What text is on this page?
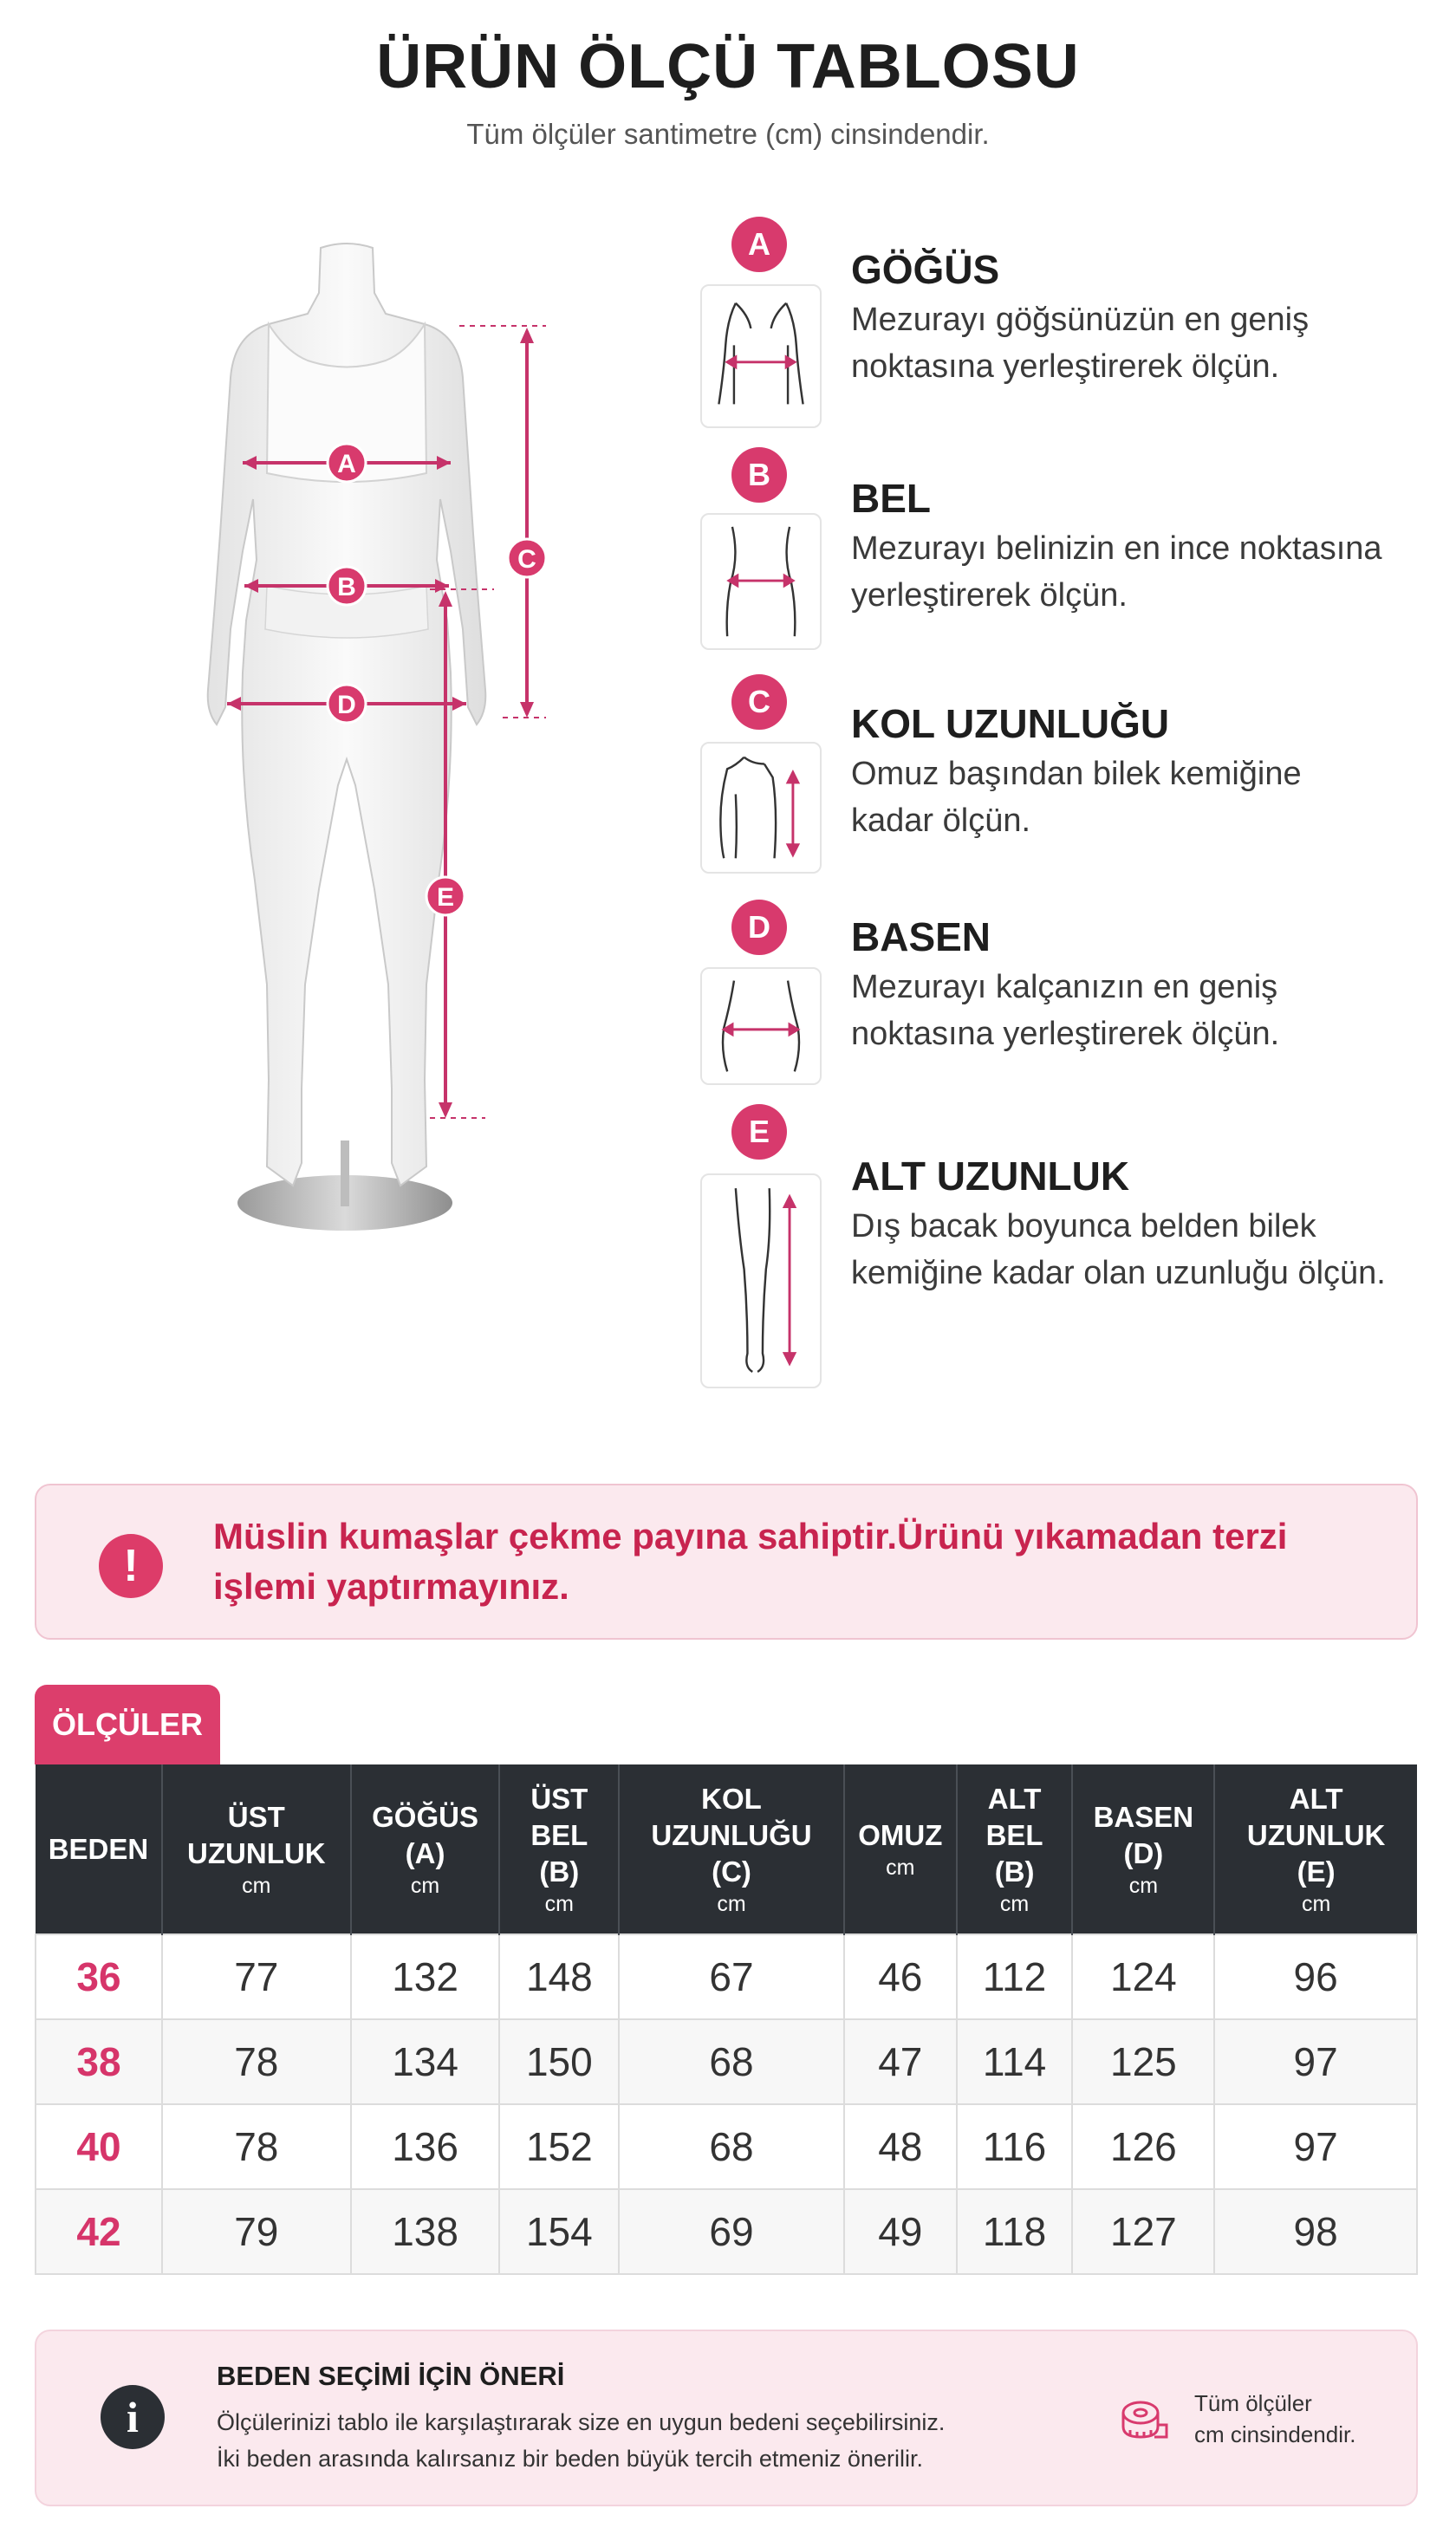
ÜRÜN ÖLÇÜ TABLOSU
Tüm ölçüler santimetre (cm) cinsindendir.
A
B
C
D
E
A
GÖĞÜS
Mezurayı göğsünüzün en geniş
noktasına yerleştirerek ölçün.
B
BEL
Mezurayı belinizin en ince noktasına
yerleştirerek ölçün.
C	KOL UZUNLUĞU
Omuz başından bilek kemiğine
kadar ölçün.
D	BASEN
Mezurayı kalçanızın en geniş
noktasına yerleştirerek ölçün.
E
ALT UZUNLUK
Dış bacak boyunca belden bilek
kemiğine kadar olan uzunluğu ölçün.
!
Müslin kumaşlar çekme payına sahiptir.Ürünü yıkamadan terzi işlemi yaptırmayınız.
ÖLÇÜLER
BEDEN	ÜST
UZUNLUK
cm	GÖĞÜS
(A)
cm	ÜST
BEL
(B)
cm	KOL
UZUNLUĞU
(C)
cm	OMUZ
cm	ALT
BEL
(B)
cm	BASEN
(D)
cm	ALT
UZUNLUK
(E)
cm

36	77	132	148	67	46	112	124	96
38	78	134	150	68	47	114	125	97
40	78	136	152	68	48	116	126	97
42	79	138	154	69	49	118	127	98
i
BEDEN SEÇİMİ İÇİN ÖNERİ
Ölçülerinizi tablo ile karşılaştırarak size en uygun bedeni seçebilirsiniz.
İki beden arasında kalırsanız bir beden büyük tercih etmeniz önerilir.
Tüm ölçüler
cm cinsindendir.
